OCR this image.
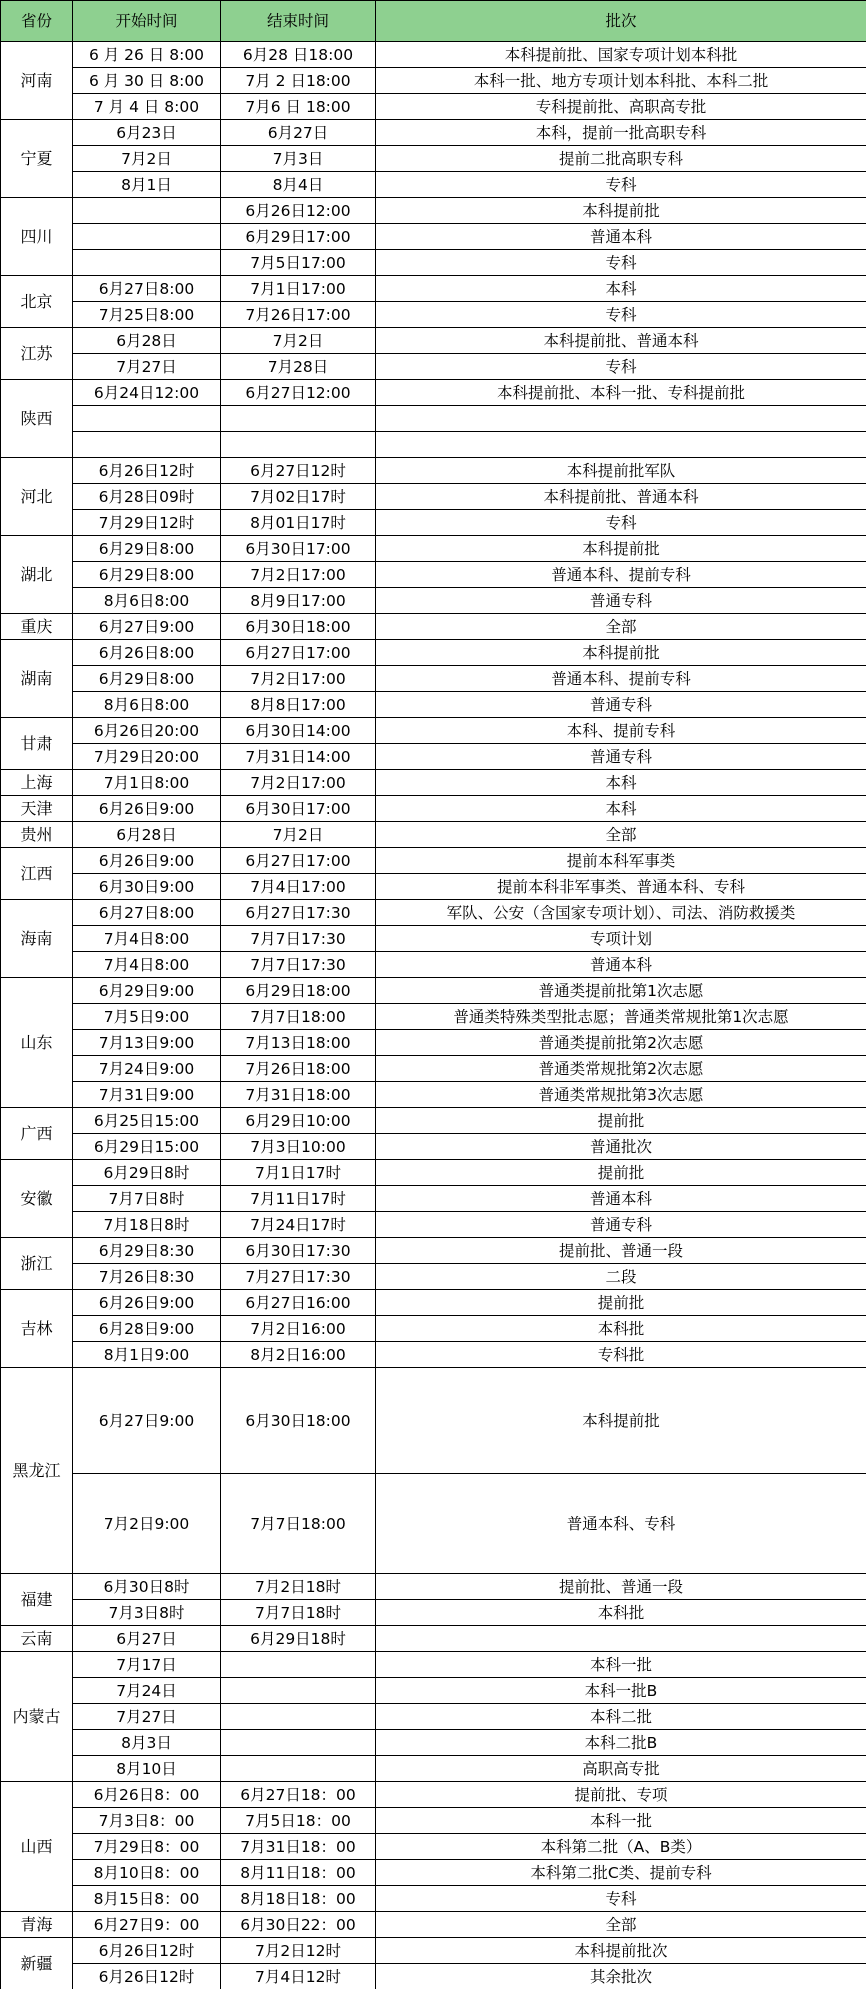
省份	开始时间	结束时间	批次
河南	6 月 26 日 8:00	6月28 日18:00	本科提前批、国家专项计划本科批
	6 月 30 日 8:00	7月 2 日18:00	本科一批、地方专项计划本科批、本科二批
	7 月 4 日 8:00	7月6 日 18:00	专科提前批、高职高专批
宁夏	6月23日	6月27日	本科，提前一批高职专科
	7月2日	7月3日	提前二批高职专科
	8月1日	8月4日	专科
四川		6月26日12:00	本科提前批
		6月29日17:00	普通本科
		7月5日17:00	专科
北京	6月27日8:00	7月1日17:00	本科
	7月25日8:00	7月26日17:00	专科
江苏	6月28日	7月2日	本科提前批、普通本科
	7月27日	7月28日	专科
陕西	6月24日12:00	6月27日12:00	本科提前批、本科一批、专科提前批

河北	6月26日12时	6月27日12时	本科提前批军队
	6月28日09时	7月02日17时	本科提前批、普通本科
	7月29日12时	8月01日17时	专科
湖北	6月29日8:00	6月30日17:00	本科提前批
	6月29日8:00	7月2日17:00	普通本科、提前专科
	8月6日8:00	8月9日17:00	普通专科
重庆	6月27日9:00	6月30日18:00	全部
湖南	6月26日8:00	6月27日17:00	本科提前批
	6月29日8:00	7月2日17:00	普通本科、提前专科
	8月6日8:00	8月8日17:00	普通专科
甘肃	6月26日20:00	6月30日14:00	本科、提前专科
	7月29日20:00	7月31日14:00	普通专科
上海	7月1日8:00	7月2日17:00	本科
天津	6月26日9:00	6月30日17:00	本科
贵州	6月28日	7月2日	全部
江西	6月26日9:00	6月27日17:00	提前本科军事类
	6月30日9:00	7月4日17:00	提前本科非军事类、普通本科、专科
海南	6月27日8:00	6月27日17:30	军队、公安（含国家专项计划）、司法、消防救援类
	7月4日8:00	7月7日17:30	专项计划
	7月4日8:00	7月7日17:30	普通本科
山东	6月29日9:00	6月29日18:00	普通类提前批第1次志愿
	7月5日9:00	7月7日18:00	普通类特殊类型批志愿；普通类常规批第1次志愿
	7月13日9:00	7月13日18:00	普通类提前批第2次志愿
	7月24日9:00	7月26日18:00	普通类常规批第2次志愿
	7月31日9:00	7月31日18:00	普通类常规批第3次志愿
广西	6月25日15:00	6月29日10:00	提前批
	6月29日15:00	7月3日10:00	普通批次
安徽	6月29日8时	7月1日17时	提前批
	7月7日8时	7月11日17时	普通本科
	7月18日8时	7月24日17时	普通专科
浙江	6月29日8:30	6月30日17:30	提前批、普通一段
	7月26日8:30	7月27日17:30	二段
吉林	6月26日9:00	6月27日16:00	提前批
	6月28日9:00	7月2日16:00	本科批
	8月1日9:00	8月2日16:00	专科批
黑龙江	6月27日9:00	6月30日18:00	本科提前批
	7月2日9:00	7月7日18:00	普通本科、专科
福建	6月30日8时	7月2日18时	提前批、普通一段
	7月3日8时	7月7日18时	本科批
云南	6月27日	6月29日18时	
内蒙古	7月17日		本科一批
	7月24日		本科一批B
	7月27日		本科二批
	8月3日		本科二批B
	8月10日		高职高专批
山西	6月26日8：00	6月27日18：00	提前批、专项
	7月3日8：00	7月5日18：00	本科一批
	7月29日8：00	7月31日18：00	本科第二批（A、B类）
	8月10日8：00	8月11日18：00	本科第二批C类、提前专科
	8月15日8：00	8月18日18：00	专科
青海	6月27日9：00	6月30日22：00	全部
新疆	6月26日12时	7月2日12时	本科提前批次
	6月26日12时	7月4日12时	其余批次
